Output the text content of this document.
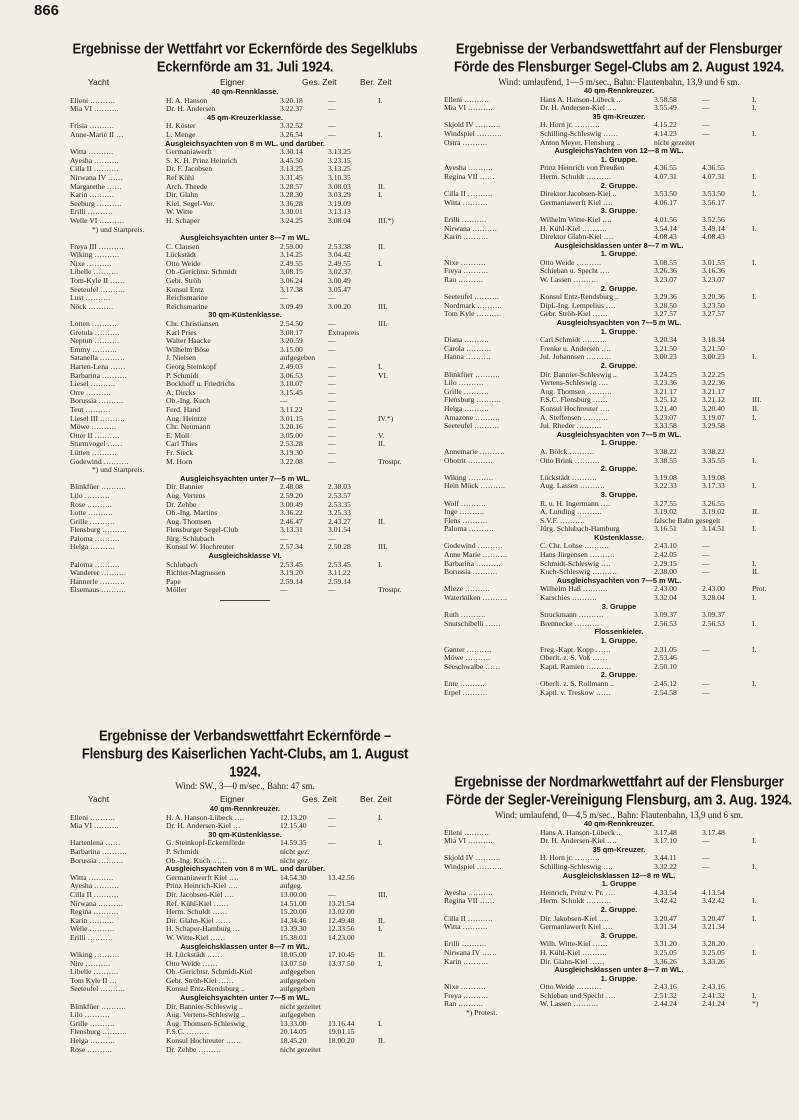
866
Ergebnisse der Wettfahrt vor Eckernförde des Segelklubs Eckernförde am 31. Juli 1924.
Yacht	Eigner	Ges. Zeit	Ber. Zeit
40 qm-Rennklasse.
Elleni ……….	H. A. Hanson	3.20.18	—	I.
Mia VI ……….	Dr. H. Andersen	3.22.37	—
45 qm-Kreuzerklasse.
Frisia ……….	H. Köster	3.32.52	—
Anne-Marie II …	L. Menge	3.26.54	—	I.
Ausgleichsyachten von 8 m WL. und darüber.
Witta ……….	Germaniawerft	3.30.14	3.13.25
Ayesha ……….	S. K. H. Prinz Heinrich	3.45.50	3.23.15
Cilla II ……….	Dr. F. Jacobsen	3.13.25	3.13.25
Nirwana IV ……	Ref Kühl	3.31.45	3.10.35
Margarethe ……	Arch. Theede	3.28.57	3.08.03	II.
Karin ……….	Dir. Glahn	3.28.30	3.03.29	I.
Seeburg ……….	Kiel. Segel-Ver.	3.36.28	3.19.09
Erilli ……….	W. Witte	3.30.01	3.13.13
Welle VI ……….	H. Schaper	3.24.25	3.08.04	III.*)
*) und Startpreis.
Ausgleichsyachten unter 8—7 m WL.
Freya III ……….	C. Clausen	2.59.00	2.53.38	II.
Wiking ……….	Lückstädt	3.14.25	3.04.42
Nixe ……….	Otto Weide	2.49.55	2.49.55	I.
Libelle ……….	Ob.-Gerichtsr. Schmidt	3.08.15	3.02.37
Tom-Kyle II ……	Gebr. Ströh	3.06.24	3.00.49
Seeteufel ……….	Konsul Entz	3.17.38	3.05.47
Lust ……….	Reichsmarine	—	—
Nöck ……….	Reichsmarine	3.09.49	3.00.20	III.
30 qm-Küstenklasse.
Lotten ……….	Chr. Christiansen	2.54.50	—	III.
Gretula ……….	Karl Pries	3.08.17	Extrapreis
Neptun ……….	Walter Haacke	3.20.59	—
Emmy ……….	Wilhelm Böse	3.15.00	—
Satanella ……….	J. Nielsen	aufgegeben
Harten-Lena ……	Georg Steinkopf	2.49.03	—	I.
Barbarina ……….	P. Schmidt	3.06.53	—	VI.
Liesel ……….	Bockhoff u. Friedrichs	3.10.07	—
Orre ……….	A. Dircks	3.15.45	—
Borussia ……….	Ob.-Ing. Kuch	—	—
Teut ……….	Ferd. Hand	3.11.22	—
Liesel III ……….	Aug. Heintze	3.01.15	—	IV.*)
Möwe ……….	Chr. Neumann	3.20.16	—
Otter II ……….	E. Moll	3.05.00	—	V.
Sturmvogel ……	Carl Thies	2.53.28	—	II.
Lütten ……….	Fr. Sieck	3.19.30	—
Godewind ……….	M. Horn	3.22.08	—	Trostpr.
*) und Startpreis.
Ausgleichsyachten unter 7—5 m WL.
Blinkfüer ……….	Dir. Bannier	2.48.08	2.38.03
Lilo ……….	Aug. Vertens	2.59.20	2.53.57
Rose ……….	Dr. Zehbe	3.00.49	2.53.35
Lotte ……….	Ob.-Ing. Martins	3.36.22	3.25.33
Grille ……….	Aug. Thomsen	2.46.47	2.43.27	II.
Flensburg ……….	Flensburger Segel-Club	3.13.31	3.01.54
Paloma ……….	Jürg. Schlubach	—	—
Helga ……….	Konsul W. Hochreuter	2.57.34	2.50.28	III.
Ausgleichsklasse VI.
Paloma ……….	Schlubach	2.53.45	2.53.45	I.
Wanderer ……….	Richter-Magnussen	3.19.20	3.11.22
Hannerle ……….	Pape	2.59.14	2.59.14
Elsemaus ……….	Möller	—	—	Trostpr.
Ergebnisse der Verbandswettfahrt Eckernförde – Flensburg des Kaiserlichen Yacht-Clubs, am 1. August 1924.
Wind: SW., 3—0 m/sec., Bahn: 47 sm.
Yacht	Eigner	Ges. Zeit	Ber. Zeit
40 qm-Rennkreuzer.
Elleni ……….	H. A. Hanson-Lübeck ….	12.13.20	—	I.
Mia VI ……….	Dr. H. Andersen-Kiel …	12.15.40	—
30 qm-Küstenklasse.
Hartenlena ……	G. Steinkopf-Eckernförde	14.59.35	—	I.
Barbarina ……….	P. Schmidt	nicht gez.
Borussia ……….	Ob.-Ing. Kuch ……	nicht gez.
Ausgleichsyachten von 8 m WL. und darüber.
Witta ……….	Germaniawerft Kiel ….	14.54.30	13.42.56
Ayesha ……….	Prinz Heinrich-Kiel ….	aufgeg.
Cilla II ……….	Dir. Jacobsen-Kiel ….	13.00.00	—	III.
Nirwana ……….	Ref. Kühl-Kiel ……	14.51.00	13.21.54
Regina ……….	Herm. Schuldt ……	15.20.00	13.02.00
Karin ……….	Dir. Glahn-Kiel ……	14.34.46	12.49.48	II.
Welle ……….	H. Schaper-Hamburg …	13.39.30	12.33.56	I.
Erilli ……….	W. Witte-Kiel ……	15.38.03	14.23.00
Ausgleichsklassen unter 8—7 m WL.
Wiking ……….	H. Lückstädt ……	18.05.00	17.10.45	II.
Nire ……….	Otto Weide ……	13.07.50	13.37.50	I.
Libelle ……….	Ob.-Gerichtsr. Schmidt-Kiel	aufgegeben
Tom Kyle II …	Gebr. Ströh-Kiel ……	aufgegeben
Seeteufel ……….	Konsul Entz-Rendsburg ..	aufgegeben
Ausgleichsyachten unter 7—5 m WL.
Blinkfüer ……….	Dir. Bannier-Schleswig ..	nicht gezeitet
Lilo ……….	Aug. Vertens-Schleswig ..	aufgegeben
Grille ……….	Aug. Thomsen-Schleswig	13.33.00	13.16.44	I.
Flensburg ……….	F.S.C. ………	20.14.05	19.01.15
Helga ……….	Konsul Hochreuter ……	18.45.20	18.00.20	II.
Rose ……….	Dr. Zehbe ………	nicht gezeitet
Ergebnisse der Verbandswettfahrt auf der Flensburger Förde des Flensburger Segel-Clubs am 2. August 1924.
Wind: umlaufend, 1—5 m/sec., Bahn: Flautenbahn, 13,9 und 6 sm.
40 qm-Rennkreuzer.
Elleni ……….	Hans A. Hanson-Lübeck ..	3.58.58	—	I.
Mia VI ……….	Dr. H. Andersen-Kiel ….	3.55.49	—	I.
35 qm-Kreuzer.
Skjold IV ……….	H. Horn jr. ……….	4.15.22	—
Windspiel ……….	Schilling-Schleswig ……	4.14.23	—	I.
Ostra ……….	Anton Meyer, Flensburg ..	nicht gezeitet
AusgleichsYachten von 12—8 m WL.
1. Gruppe.
Ayesha ……….	Prinz Heinrich von Preußen	4.36.55	4.36.55
Regina VII ……	Herm. Schuldt ……….	4.07.31	4.07.31	I.
2. Gruppe.
Cilla II ……….	Direktor Jacobsen-Kiel ..	3.53.50	3.53.50	I.
Witta ……….	Germaniawerft Kiel ….	4.06.17	3.56.17
3. Gruppe.
Erilli ……….	Wilhelm Witte-Kiel ….	4.01.56	3.52.56
Nirwana ……….	H. Kühl-Kiel ……….	3.54.14	3.49.14	I.
Karin ……….	Direktor Glahn-Kiel ….	4.08.43	4.08.43
Ausgleichsklassen unter 8—7 m WL.
1. Gruppe.
Nixe ……….	Otto Weide ……….	3.08.55	3.01.55	I.
Freya ……….	Schieban u. Specht ….	3.26.36	3.16.36
Rau ……….	W. Lassen ……….	3.23.07	3.23.07
2. Gruppe.
Seeteufel ……….	Konsul Entz-Rendsburg ..	3.29.36	3.20.36	I.
Nordmark ……….	Dipl.-Ing. Lempelius ….	3.28.50	3.23.50
Tom Kyle ……….	Gebr. Ströh-Kiel ……	3.27.57	3.27.57
Ausgleichsyachten von 7—5 m WL.
1. Gruppe.
Diana ……….	Carl Schmidt ……….	3.20.34	3.18.34
Carola ……….	Frenke u. Andersen ….	3.21.50	3.21.50
Hanna ……….	Jul. Johannsen ……….	3.00.23	3.00.23	I.
2. Gruppe.
Blinkfüer ……….	Dir. Bannier-Schleswig ..	3.24.25	3.22.25
Lilo ……….	Vertens-Schleswig ….	3.23.36	3.22.36
Grille ……….	Aug. Thomsen ……….	3.21.17	3.21.17
Flensburg ……….	F.S.C. Flensburg ……	3.25.12	3.21.12	III.
Helga ……….	Konsul Hochreuter ….	3.21.40	3.20.40	II.
Amazone ……….	A. Steffensen ……….	3.23.07	3.19.07	I.
Seeteufel ……….	Jul. Rheder ……….	3.33.58	3.29.58
Ausgleichsyachten von 7—5 m WL.
1. Gruppe.
Annemarie ……….	A. Bölck ……….	3.38.22	3.38.22
Obotrit ……….	Otto Brink ……….	3.38.55	3.35.55	I.
2. Gruppe.
Wiking ……….	Lückstädt ……….	3.19.08	3.19.08
Hein Mück ……….	Aug. Lassen ……….	3.22.33	3.17.33	I.
3. Gruppe.
Wolf ……….	R. u. H. Ingermann ….	3.27.55	3.26.55
Inge ……….	A. Lunding ……….	3.19.02	3.19.02	II.
Flens ……….	S.V.F. ……….	falsche Bahn gesegelt
Paloma ……….	Jürg. Schlubach-Hamburg	3.16.51	3.14.51	I.
Küstenklasse.
Godewind ……….	C. Chr. Lohse ……….	2.43.10	—
Anne Marie ……….	Hans Jürgensen ……….	2.42.05	—
Barbarina ……….	Schmidt-Schleswig ….	2.29.15	—	I.
Borussia ……….	Kuch-Schleswig ……….	2.38.00	—	II.
Ausgleichsyachten von 7—5 m WL.
Mieze ……….	Wilhelm Haß ……….	2.43.00	2.43.00	Prot.
Waterküken ……….	Karschies ……….	3.32.04	3.28.04	I.
3. Gruppe
Ruth ……….	Struckmann ……….	3.09.37	3.09.37
Snutschibelli ……	Brennecke ……….	2.56.53	2.56.53	I.
Flossenkieler.
1. Gruppe.
Ganter ……….	Freg.-Kapt. Kopp ……	2.31.05	—	I.
Möwe ……….	Oberlt. z. S. Voß ……	2.53.46
Seeschwalbe ……	Kaptl. Ramien ……….	2.50.10
2. Gruppe.
Ente ……….	Oberlt. z. S. Rollmann ..	2.45.12	—	I.
Erpel ……….	Kaptl. v. Treskow ……	2.54.58	—
Ergebnisse der Nordmarkwettfahrt auf der Flensburger Förde der Segler-Vereinigung Flensburg, am 3. Aug. 1924.
Wind: umlaufend, 0—4,5 m/sec., Bahn: Flautenbahn, 13,9 und 6 sm.
40 qm-Rennkreuzer.
Elleni ……….	Hans A. Hanson-Lübeck ..	3.17.48	3.17.48
Mia VI ……….	Dr. H. Andersen-Kiel ….	3.17.10	—	I.
35 qm-Kreuzer.
Skjold IV ……….	H. Horn jr. ……….	3.44.11	—
Windspiel ……….	Schilling-Schleswig ….	3.32.22	—	I.
Ausgleichsklassen 12—8 m WL.
1. Gruppe
Ayesha ……….	Heinrich, Prinz v. Pr. ….	4.33.54	4.13.54
Regina VII ……	Herm. Schuldt ……….	3.42.42	3.42.42	I.
2. Gruppe.
Cilla II ……….	Dir. Jakobsen-Kiel ….	3.20.47	3.20.47	I.
Witta ……….	Germaniawerft Kiel ….	3.31.34	3.21.34
3. Gruppe.
Erilli ……….	Wilh. Witte-Kiel ……	3.31.20	3.28.20
Nirwana IV ……	H. Kühl-Kiel ……….	3.25.05	3.25.05	I.
Karin ……….	Dir. Glahn-Kiel ……	3.36.26	3.33.26
Ausgleichsklassen unter 8—7 m WL.
1. Gruppe.
Nixe ……….	Otto Weide ……….	2.43.16	2.43.16
Freya ……….	Schieban und Specht ….	2.51.32	2.41.32	I.
Ran ……….	W. Lassen ……….	2.44.24	2.41.24	*)
*) Protest.
